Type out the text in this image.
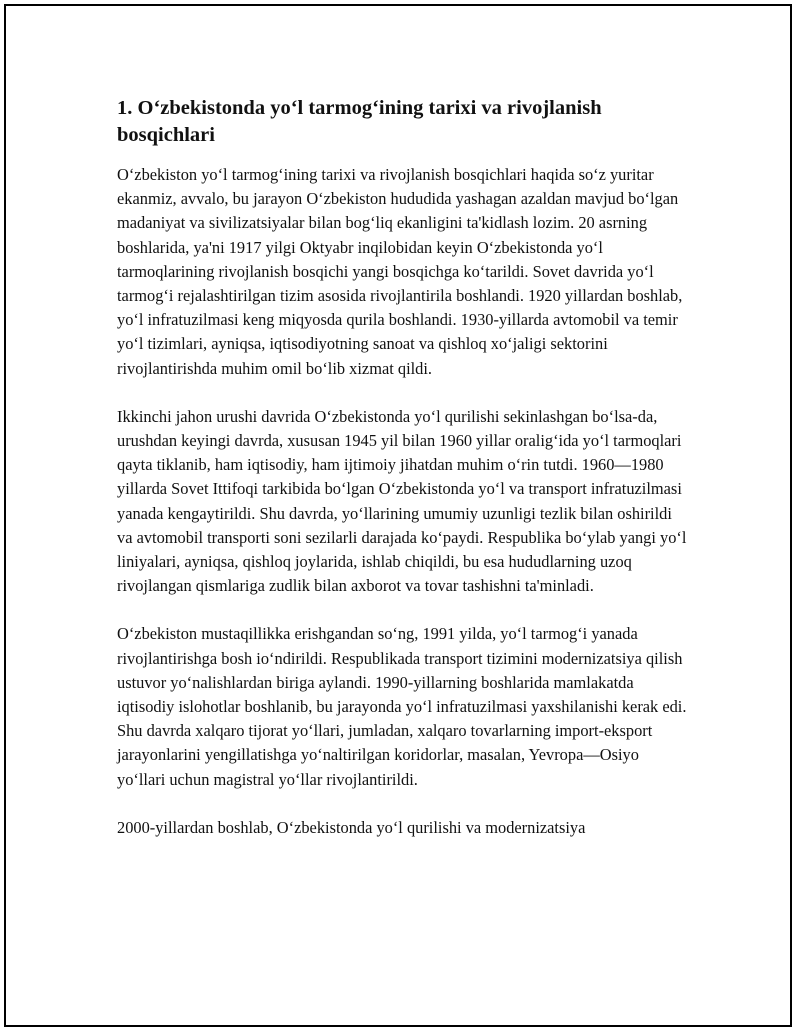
1. O‘zbekistonda yo‘l tarmog‘ining tarixi va rivojlanish bosqichlari

O‘zbekiston yo‘l tarmog‘ining tarixi va rivojlanish bosqichlari haqida so‘z yuritar ekanmiz, avvalo, bu jarayon O‘zbekiston hududida yashagan azaldan mavjud bo‘lgan madaniyat va sivilizatsiyalar bilan bog‘liq ekanligini ta'kidlash lozim. 20 asrning boshlarida, ya'ni 1917 yilgi Oktyabr inqilobidan keyin O‘zbekistonda yo‘l tarmoqlarining rivojlanish bosqichi yangi bosqichga ko‘tarildi. Sovet davrida yo‘l tarmog‘i rejalashtirilgan tizim asosida rivojlantirila boshlandi. 1920 yillardan boshlab, yo‘l infratuzilmasi keng miqyosda qurila boshlandi. 1930-yillarda avtomobil va temir yo‘l tizimlari, ayniqsa, iqtisodiyotning sanoat va qishloq xo‘jaligi sektorini rivojlantirishda muhim omil bo‘lib xizmat qildi.

Ikkinchi jahon urushi davrida O‘zbekistonda yo‘l qurilishi sekinlashgan bo‘lsa-da, urushdan keyingi davrda, xususan 1945 yil bilan 1960 yillar oralig‘ida yo‘l tarmoqlari qayta tiklanib, ham iqtisodiy, ham ijtimoiy jihatdan muhim o‘rin tutdi. 1960—1980 yillarda Sovet Ittifoqi tarkibida bo‘lgan O‘zbekistonda yo‘l va transport infratuzilmasi yanada kengaytirildi. Shu davrda, yo‘llarining umumiy uzunligi tezlik bilan oshirildi va avtomobil transporti soni sezilarli darajada ko‘paydi. Respublika bo‘ylab yangi yo‘l liniyalari, ayniqsa, qishloq joylarida, ishlab chiqildi, bu esa hududlarning uzoq rivojlangan qismlariga zudlik bilan axborot va tovar tashishni ta'minladi.

O‘zbekiston mustaqillikka erishgandan so‘ng, 1991 yilda, yo‘l tarmog‘i yanada rivojlantirishga bosh io‘ndirildi. Respublikada transport tizimini modernizatsiya qilish ustuvor yo‘nalishlardan biriga aylandi. 1990-yillarning boshlarida mamlakatda iqtisodiy islohotlar boshlanib, bu jarayonda yo‘l infratuzilmasi yaxshilanishi kerak edi. Shu davrda xalqaro tijorat yo‘llari, jumladan, xalqaro tovarlarning import-eksport jarayonlarini yengillatishga yo‘naltirilgan koridorlar, masalan, Yevropa—Osiyo yo‘llari uchun magistral yo‘llar rivojlantirildi.

2000-yillardan boshlab, O‘zbekistonda yo‘l qurilishi va modernizatsiya
